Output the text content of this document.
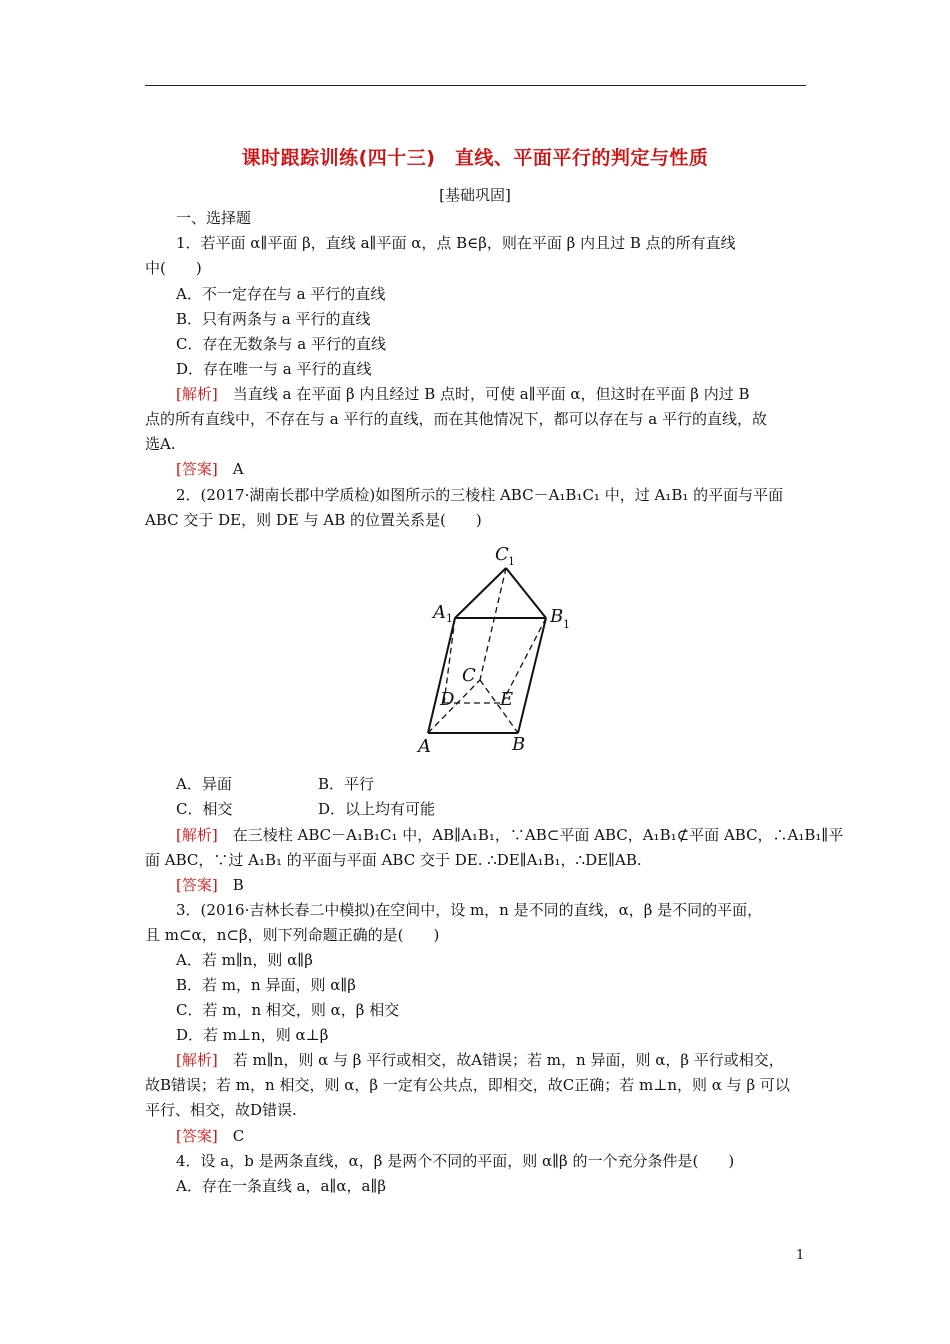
课时跟踪训练(四十三)　直线、平面平行的判定与性质
[基础巩固]
一、选择题
1．若平面 α∥平面 β，直线 a∥平面 α，点 B∈β，则在平面 β 内且过 B 点的所有直线
中(　　)
A．不一定存在与 a 平行的直线
B．只有两条与 a 平行的直线
C．存在无数条与 a 平行的直线
D．存在唯一与 a 平行的直线
[解析]　 当直线 a 在平面 β 内且经过 B 点时，可使 a∥平面 α，但这时在平面 β 内过 B
点的所有直线中，不存在与 a 平行的直线，而在其他情况下，都可以存在与 a 平行的直线，故
选A.
[答案]　 A
2．(2017·湖南长郡中学质检)如图所示的三棱柱 ABC－A₁B₁C₁ 中，过 A₁B₁ 的平面与平面
ABC 交于 DE，则 DE 与 AB 的位置关系是(　　)
C 1
A 1	B 1
C
D	E
A	B
A．异面	B．平行
C．相交	D．以上均有可能
[解析]　 在三棱柱 ABC－A₁B₁C₁ 中，AB∥A₁B₁，∵AB⊂平面 ABC，A₁B₁⊄平面 ABC，∴A₁B₁∥平
面 ABC，∵过 A₁B₁ 的平面与平面 ABC 交于 DE. ∴DE∥A₁B₁，∴DE∥AB.
[答案]　 B
3．(2016·吉林长春二中模拟)在空间中，设 m，n 是不同的直线，α，β 是不同的平面，
且 m⊂α，n⊂β，则下列命题正确的是(　　)
A．若 m∥n，则 α∥β
B．若 m，n 异面，则 α∥β
C．若 m，n 相交，则 α，β 相交
D．若 m⊥n，则 α⊥β
[解析]　 若 m∥n，则 α 与 β 平行或相交，故A错误；若 m，n 异面，则 α，β 平行或相交，
故B错误；若 m，n 相交，则 α，β 一定有公共点，即相交，故C正确；若 m⊥n，则 α 与 β 可以
平行、相交，故D错误.
[答案]　 C
4．设 a，b 是两条直线，α，β 是两个不同的平面，则 α∥β 的一个充分条件是(　　)
A．存在一条直线 a，a∥α，a∥β
1
